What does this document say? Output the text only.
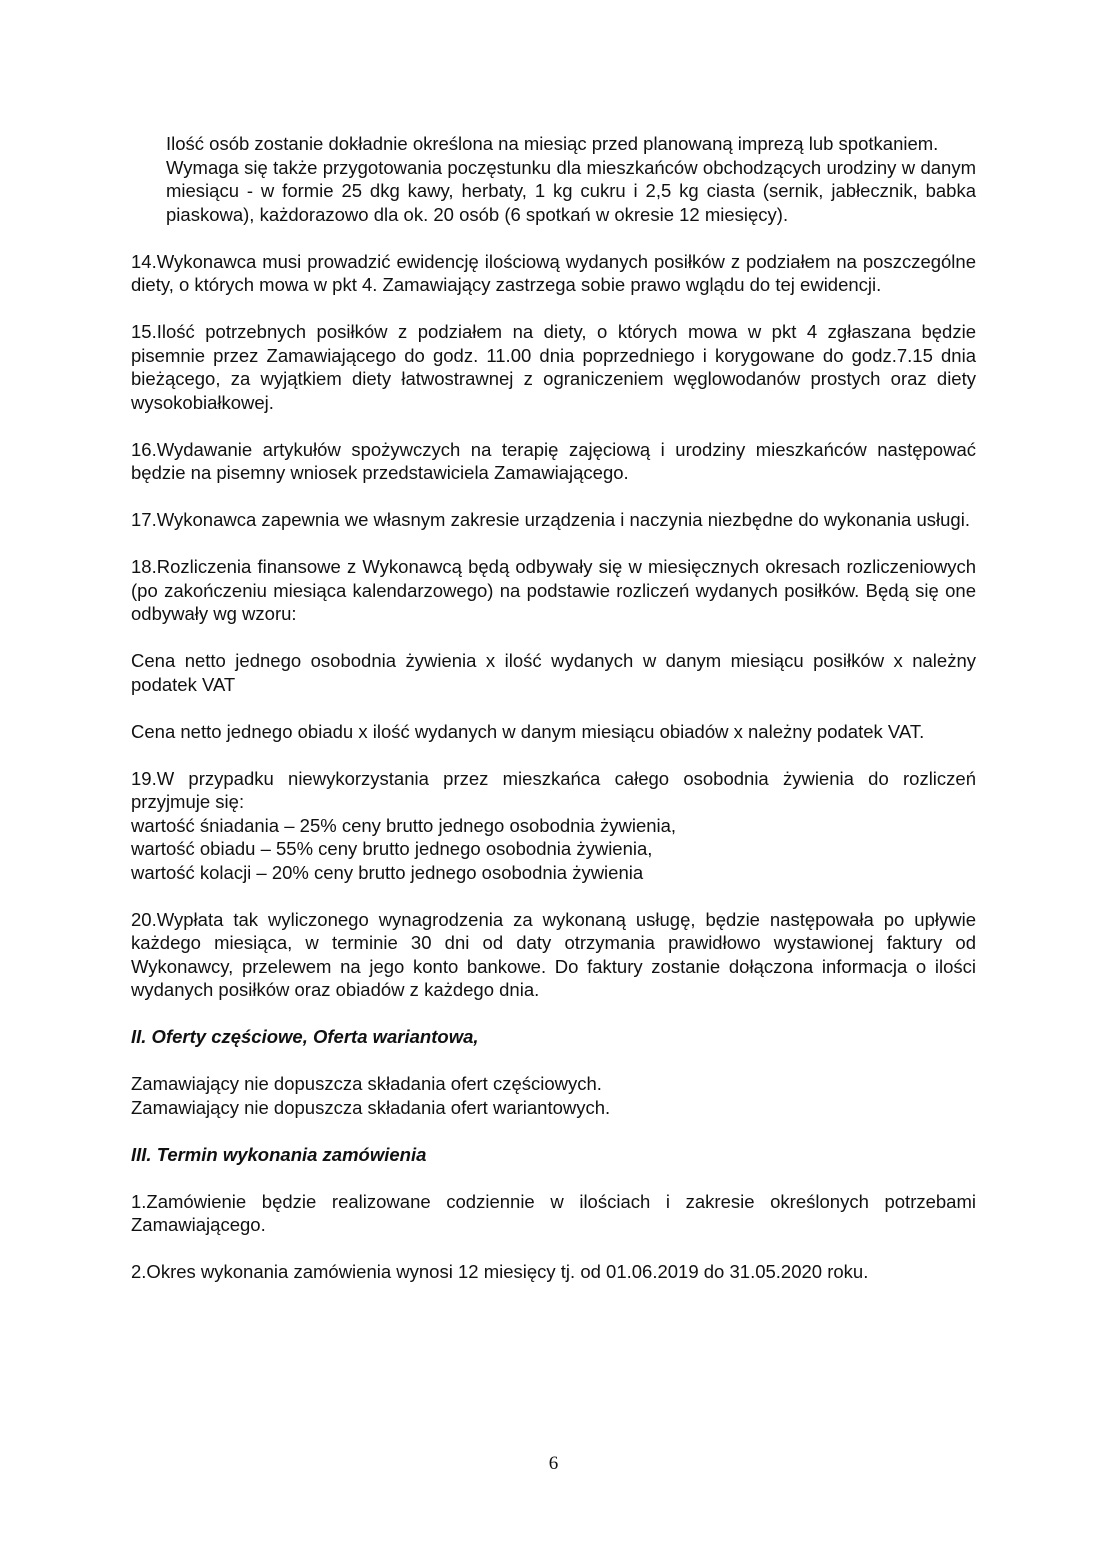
Ilość osób zostanie dokładnie określona na miesiąc przed planowaną imprezą lub spotkaniem.

Wymaga się także przygotowania poczęstunku dla mieszkańców obchodzących urodziny w danym miesiącu - w formie 25 dkg kawy, herbaty, 1 kg cukru i 2,5 kg ciasta (sernik, jabłecznik, babka piaskowa), każdorazowo dla ok. 20 osób (6 spotkań w okresie 12 miesięcy).

14.Wykonawca musi prowadzić ewidencję ilościową wydanych posiłków z podziałem na poszczególne diety, o których mowa w pkt 4. Zamawiający zastrzega sobie prawo wglądu do tej ewidencji.

15.Ilość potrzebnych posiłków z podziałem na diety, o których mowa w pkt 4 zgłaszana będzie pisemnie przez Zamawiającego do godz. 11.00 dnia poprzedniego i korygowane do godz.7.15 dnia bieżącego, za wyjątkiem diety łatwostrawnej z ograniczeniem węglowodanów prostych oraz diety wysokobiałkowej.

16.Wydawanie artykułów spożywczych na terapię zajęciową i urodziny mieszkańców następować będzie na pisemny wniosek przedstawiciela Zamawiającego.

17.Wykonawca zapewnia we własnym zakresie urządzenia i naczynia niezbędne do wykonania usługi.

18.Rozliczenia finansowe z Wykonawcą będą odbywały się w miesięcznych okresach rozliczeniowych (po zakończeniu miesiąca kalendarzowego) na podstawie rozliczeń wydanych posiłków. Będą się one odbywały wg wzoru:

Cena netto jednego osobodnia żywienia x ilość wydanych w danym miesiącu posiłków x należny podatek VAT

Cena netto jednego obiadu x ilość wydanych w danym miesiącu obiadów x należny podatek VAT.

19.W przypadku niewykorzystania przez mieszkańca całego osobodnia żywienia do rozliczeń przyjmuje się:

wartość śniadania – 25% ceny brutto jednego osobodnia żywienia,

wartość obiadu – 55% ceny brutto jednego osobodnia żywienia,

wartość kolacji – 20% ceny brutto jednego osobodnia żywienia

20.Wypłata tak wyliczonego wynagrodzenia za wykonaną usługę, będzie następowała po upływie każdego miesiąca, w terminie 30 dni od daty otrzymania prawidłowo wystawionej faktury od Wykonawcy, przelewem na jego konto bankowe. Do faktury zostanie dołączona informacja o ilości wydanych posiłków oraz obiadów z każdego dnia.

II. Oferty częściowe, Oferta wariantowa,

Zamawiający nie dopuszcza składania ofert częściowych.

Zamawiający nie dopuszcza składania ofert wariantowych.

III. Termin wykonania zamówienia

1.Zamówienie będzie realizowane codziennie w ilościach i zakresie określonych potrzebami Zamawiającego.

2.Okres wykonania zamówienia wynosi 12 miesięcy tj. od 01.06.2019 do 31.05.2020 roku.

6
